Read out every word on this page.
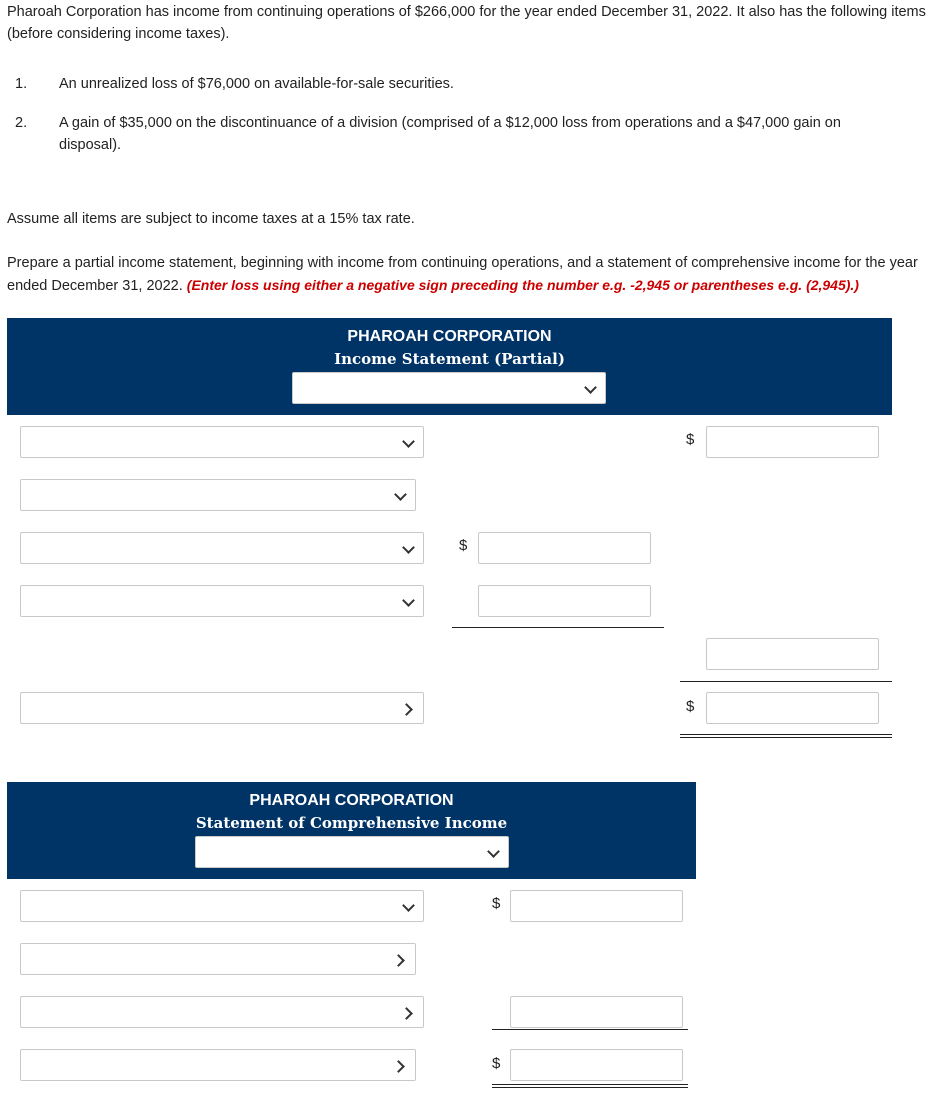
Pharoah Corporation has income from continuing operations of $266,000 for the year ended December 31, 2022. It also has the following items (before considering income taxes).
1. An unrealized loss of $76,000 on available-for-sale securities.
2. A gain of $35,000 on the discontinuance of a division (comprised of a $12,000 loss from operations and a $47,000 gain on disposal).
Assume all items are subject to income taxes at a 15% tax rate.
Prepare a partial income statement, beginning with income from continuing operations, and a statement of comprehensive income for the year ended December 31, 2022. (Enter loss using either a negative sign preceding the number e.g. -2,945 or parentheses e.g. (2,945).)
PHAROAH CORPORATION
Income Statement (Partial)
$
$
$
PHAROAH CORPORATION
Statement of Comprehensive Income
$
$
